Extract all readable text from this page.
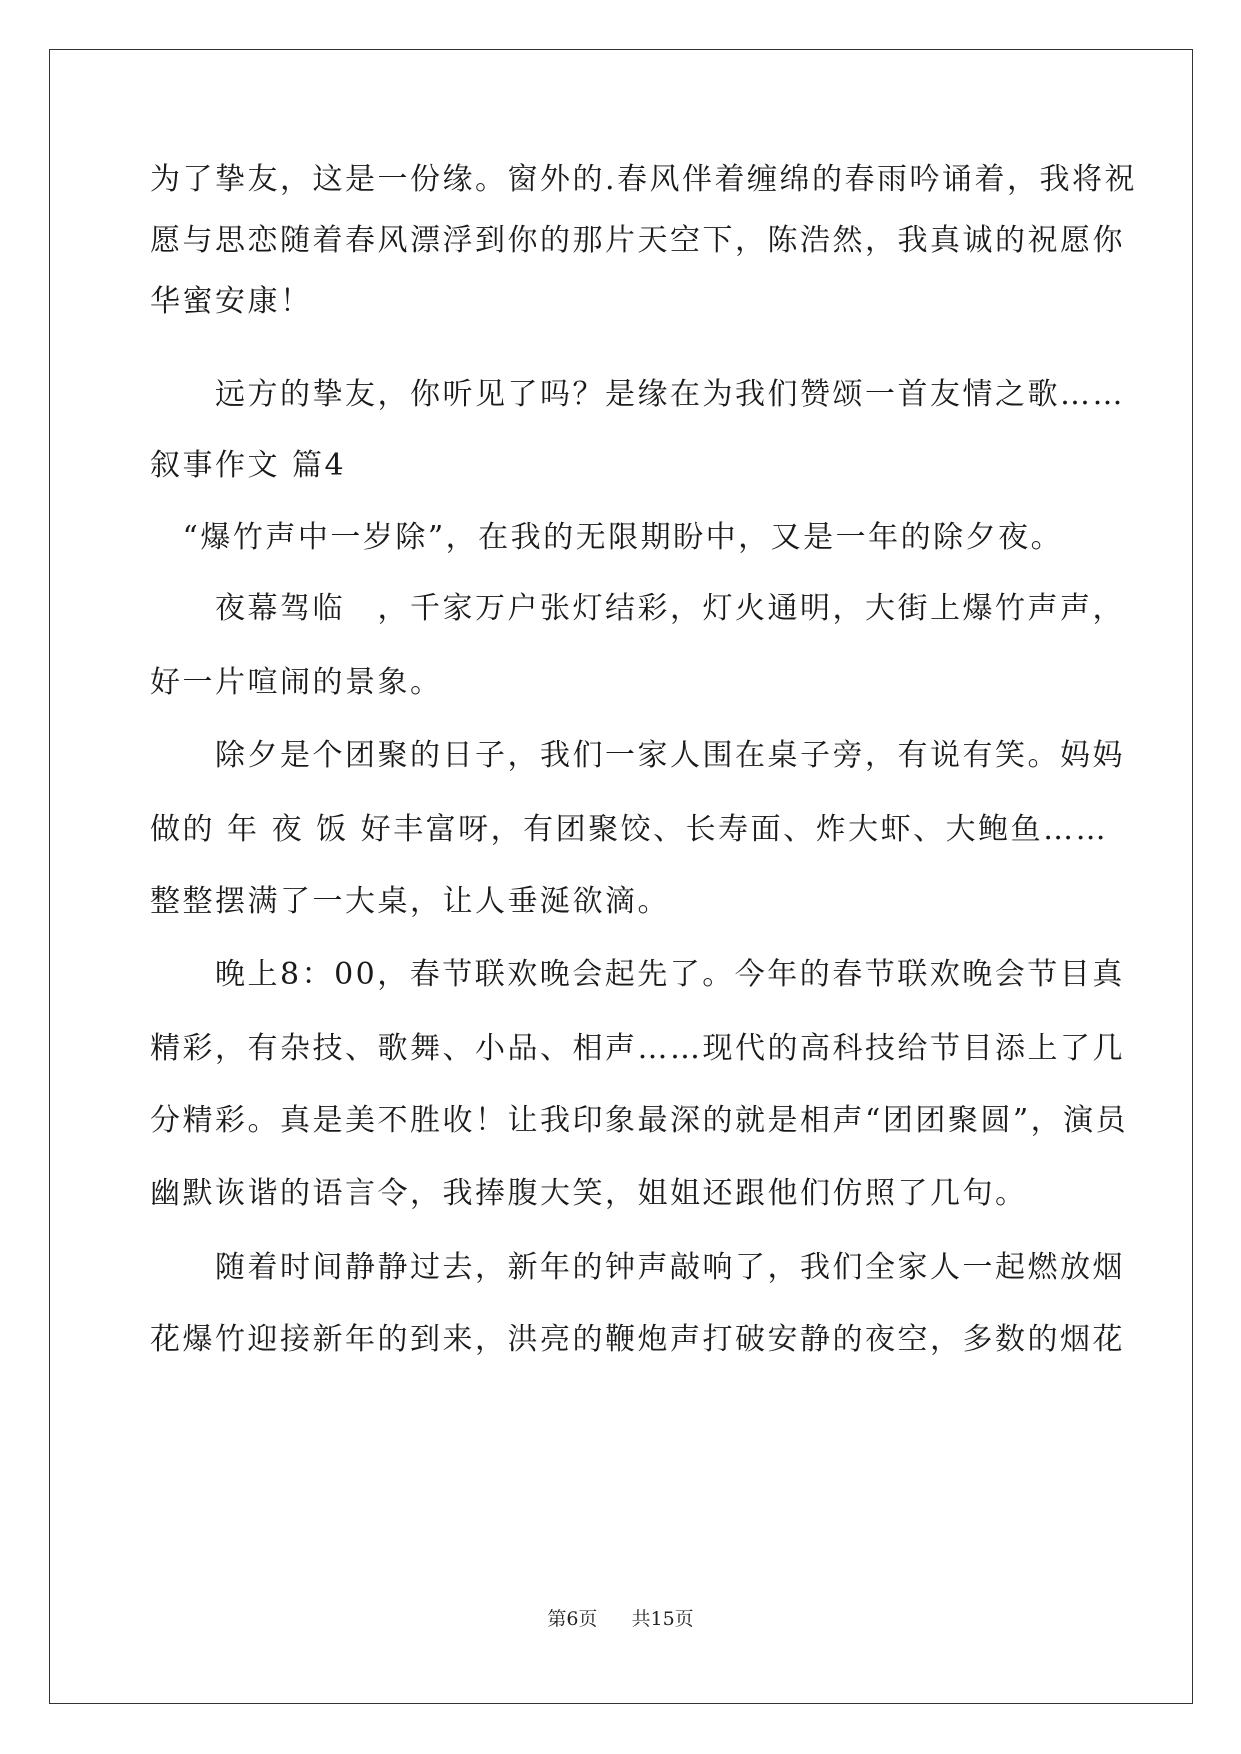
为了挚友，这是一份缘。窗外的.春风伴着缠绵的春雨吟诵着，我将祝
愿与思恋随着春风漂浮到你的那片天空下，陈浩然，我真诚的祝愿你
华蜜安康！
　　远方的挚友，你听见了吗？是缘在为我们赞颂一首友情之歌……
叙事作文 篇4
　“爆竹声中一岁除”，在我的无限期盼中，又是一年的除夕夜。
　　夜幕驾临　，千家万户张灯结彩，灯火通明，大街上爆竹声声，
好一片喧闹的景象。
　　除夕是个团聚的日子，我们一家人围在桌子旁，有说有笑。妈妈
做的 年 夜 饭 好丰富呀，有团聚饺、长寿面、炸大虾、大鲍鱼……
整整摆满了一大桌，让人垂涎欲滴。
　　晚上8：00，春节联欢晚会起先了。今年的春节联欢晚会节目真
精彩，有杂技、歌舞、小品、相声……现代的高科技给节目添上了几
分精彩。真是美不胜收！让我印象最深的就是相声“团团聚圆”，演员
幽默诙谐的语言令，我捧腹大笑，姐姐还跟他们仿照了几句。
　　随着时间静静过去，新年的钟声敲响了，我们全家人一起燃放烟
花爆竹迎接新年的到来，洪亮的鞭炮声打破安静的夜空，多数的烟花
第6页 共15页
